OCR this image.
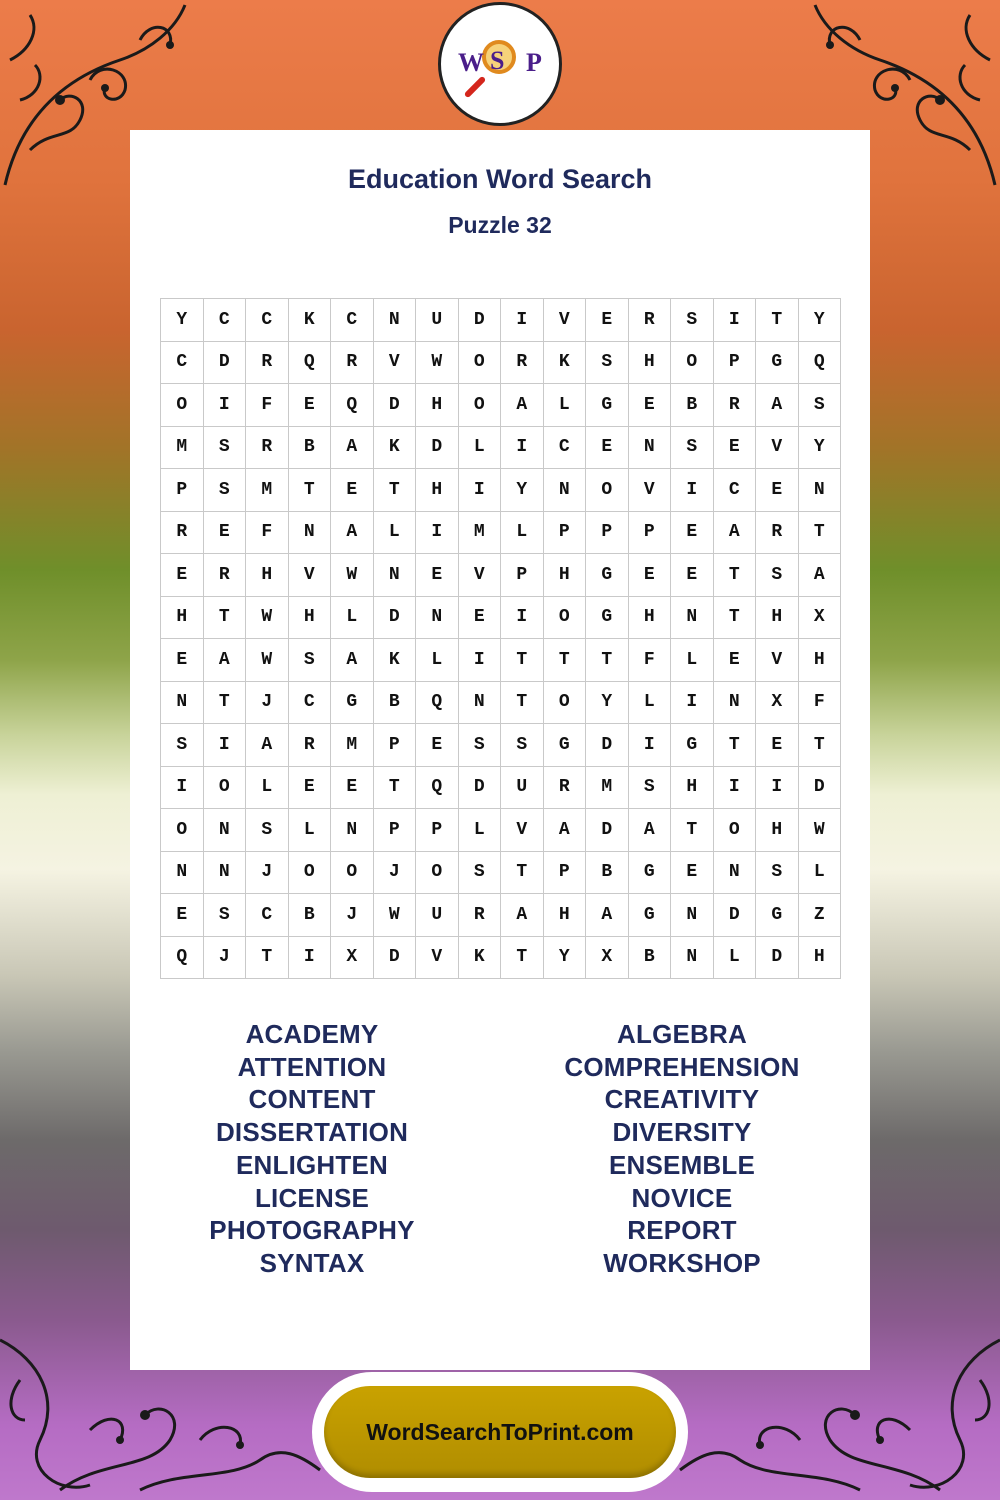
W S P
Education Word Search
Puzzle 32
Y	C	C	K	C	N	U	D	I	V	E	R	S	I	T	Y
C	D	R	Q	R	V	W	O	R	K	S	H	O	P	G	Q
O	I	F	E	Q	D	H	O	A	L	G	E	B	R	A	S
M	S	R	B	A	K	D	L	I	C	E	N	S	E	V	Y
P	S	M	T	E	T	H	I	Y	N	O	V	I	C	E	N
R	E	F	N	A	L	I	M	L	P	P	P	E	A	R	T
E	R	H	V	W	N	E	V	P	H	G	E	E	T	S	A
H	T	W	H	L	D	N	E	I	O	G	H	N	T	H	X
E	A	W	S	A	K	L	I	T	T	T	F	L	E	V	H
N	T	J	C	G	B	Q	N	T	O	Y	L	I	N	X	F
S	I	A	R	M	P	E	S	S	G	D	I	G	T	E	T
I	O	L	E	E	T	Q	D	U	R	M	S	H	I	I	D
O	N	S	L	N	P	P	L	V	A	D	A	T	O	H	W
N	N	J	O	O	J	O	S	T	P	B	G	E	N	S	L
E	S	C	B	J	W	U	R	A	H	A	G	N	D	G	Z
Q	J	T	I	X	D	V	K	T	Y	X	B	N	L	D	H
ACADEMY
ATTENTION
CONTENT
DISSERTATION
ENLIGHTEN
LICENSE
PHOTOGRAPHY
SYNTAX
ALGEBRA
COMPREHENSION
CREATIVITY
DIVERSITY
ENSEMBLE
NOVICE
REPORT
WORKSHOP
WordSearchToPrint.com
